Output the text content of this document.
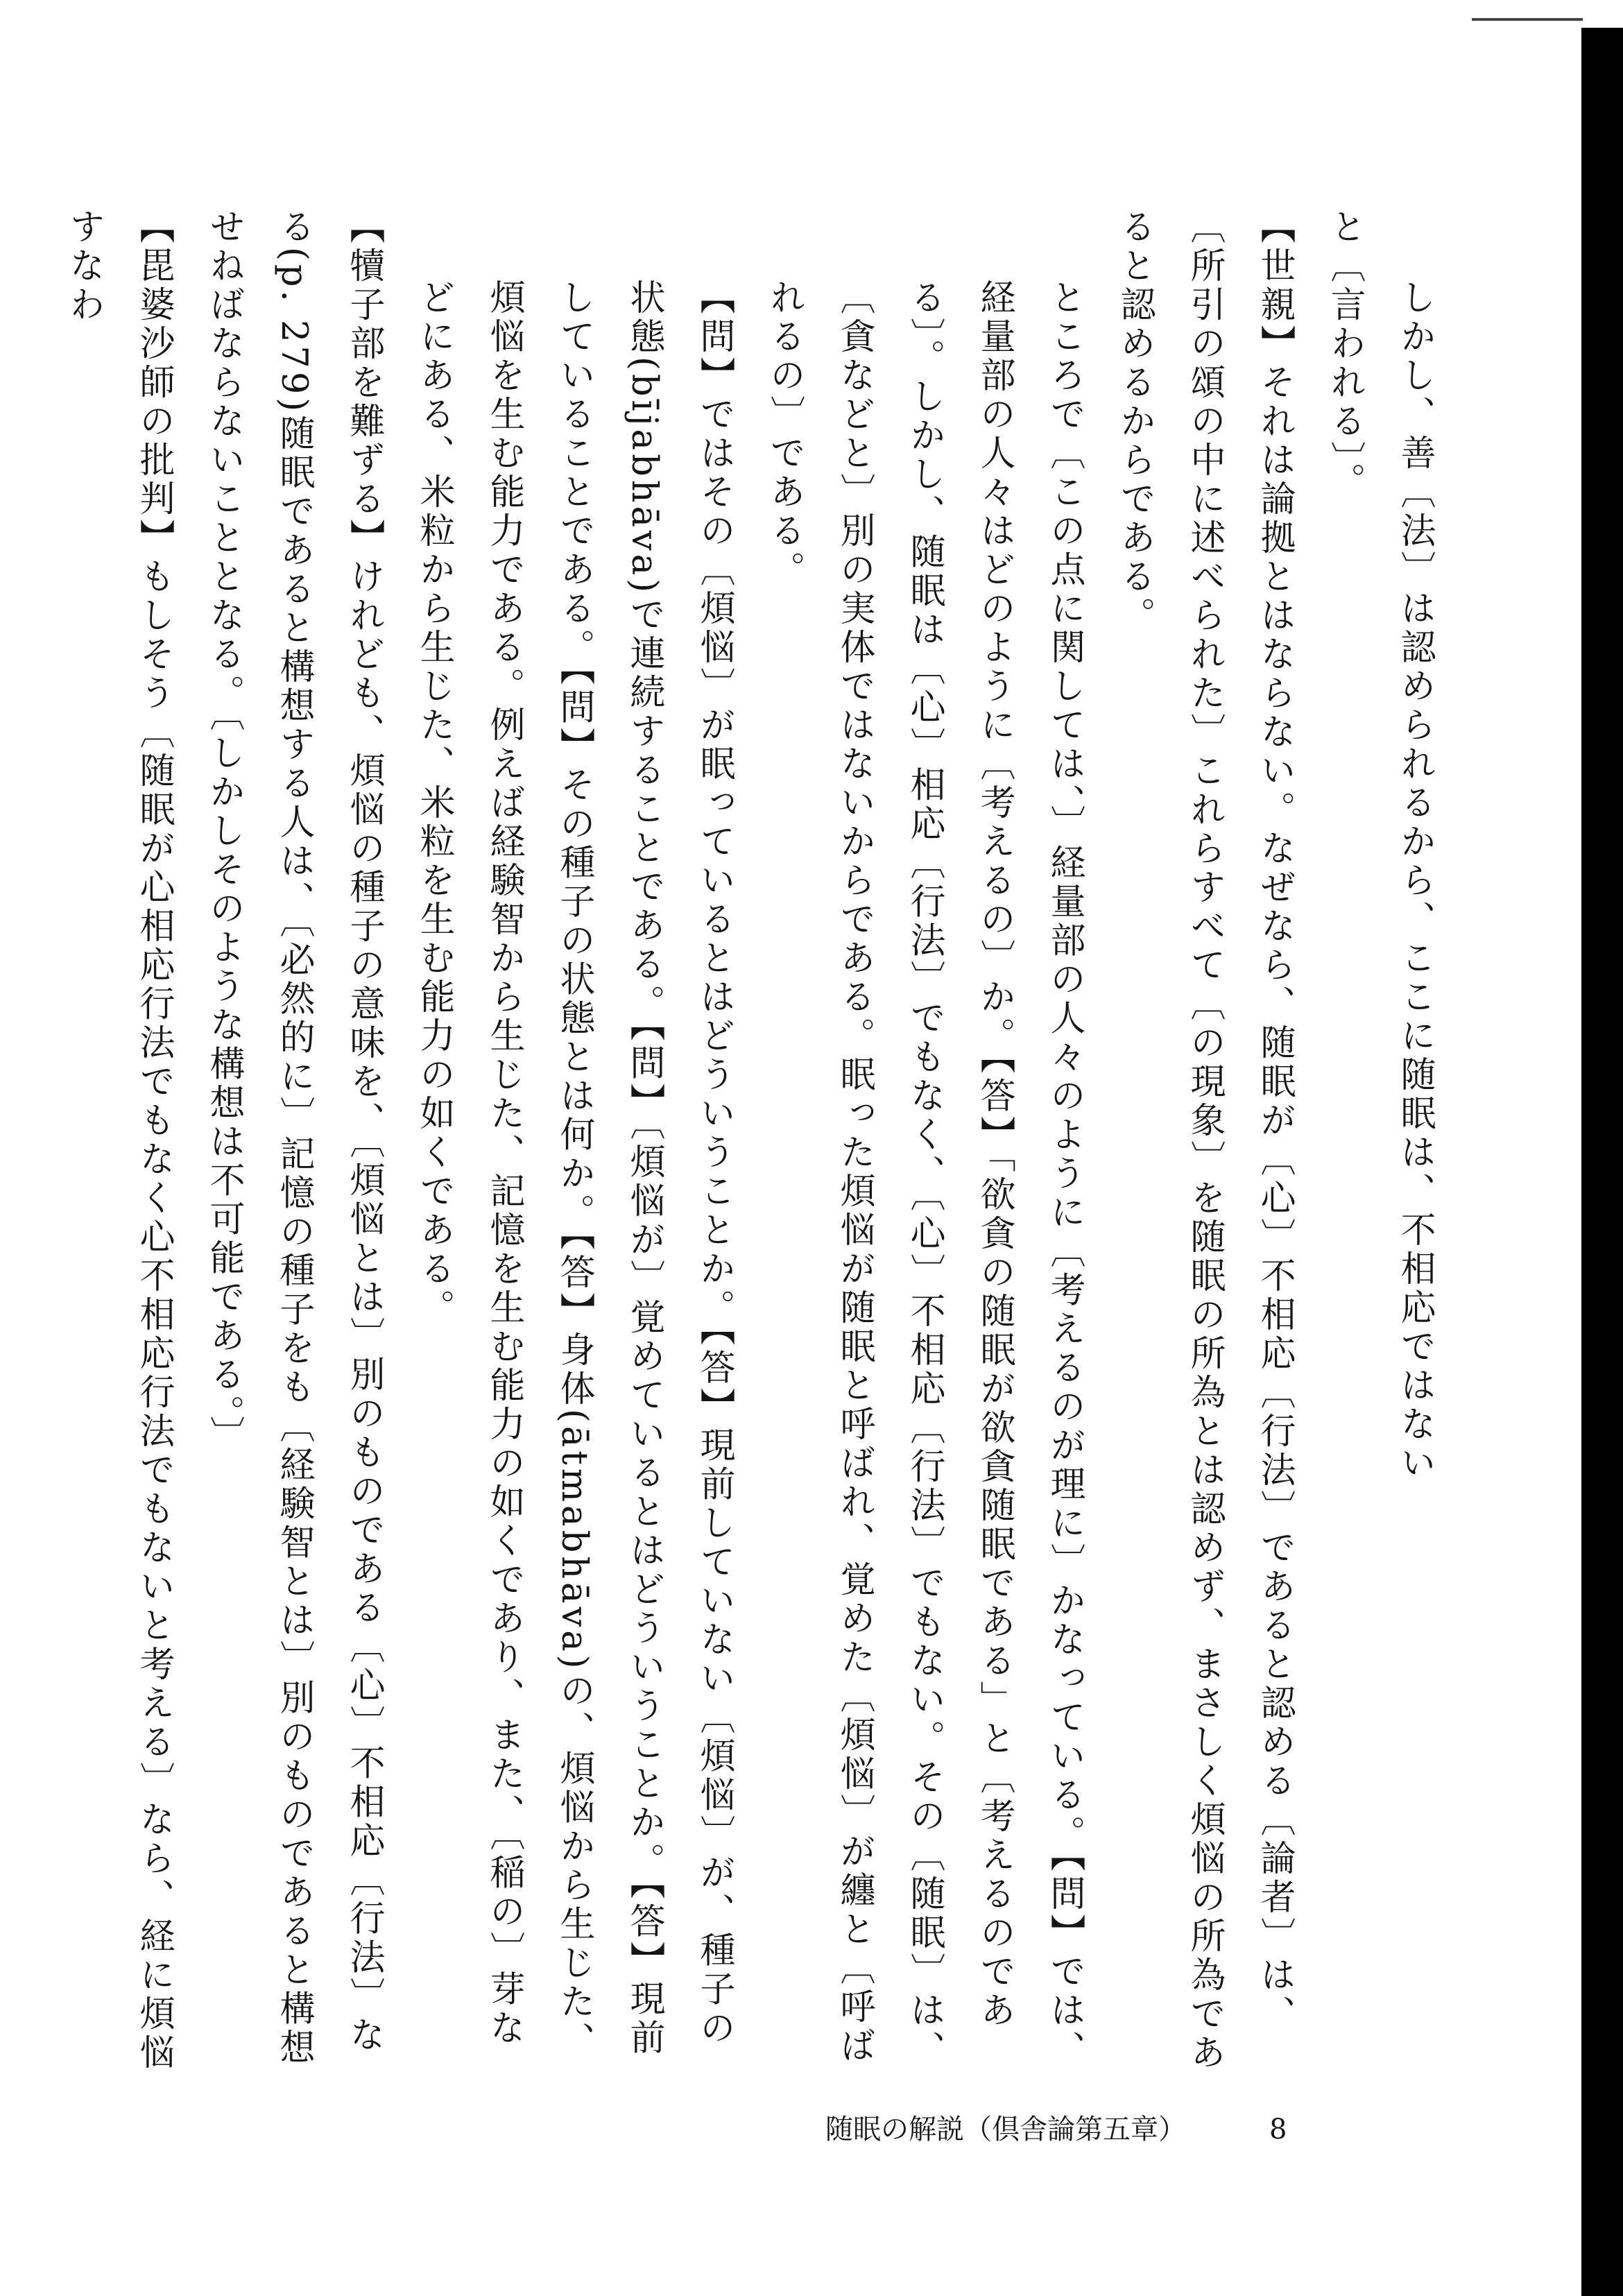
しかし、善〔法〕は認められるから、ここに随眠は、不相応ではない

と〔言われる〕。

【世親】それは論拠とはならない。なぜなら、随眠が〔心〕不相応〔行法〕であると認める〔論者〕は、〔所引の頌の中に述べられた〕これらすべて〔の現象〕を随眠の所為とは認めず、まさしく煩悩の所為であると認めるからである。

ところで〔この点に関しては、〕経量部の人々のように〔考えるのが理に〕かなっている。【問】では、経量部の人々はどのように〔考えるの〕か。【答】「欲貪の随眠が欲貪随眠である」と〔考えるのである〕。しかし、随眠は〔心〕相応〔行法〕でもなく、〔心〕不相応〔行法〕でもない。その〔随眠〕は、〔貪などと〕別の実体ではないからである。眠った煩悩が随眠と呼ばれ、覚めた〔煩悩〕が纏と〔呼ばれるの〕である。

【問】ではその〔煩悩〕が眠っているとはどういうことか。【答】現前していない〔煩悩〕が、種子の状態(bījabhāva)で連続することである。【問】〔煩悩が〕覚めているとはどういうことか。【答】現前していることである。【問】その種子の状態とは何か。【答】身体(ātmabhāva)の、煩悩から生じた、煩悩を生む能力である。例えば経験智から生じた、記憶を生む能力の如くであり、また、〔稲の〕芽などにある、米粒から生じた、米粒を生む能力の如くである。

【犢子部を難ずる】けれども、煩悩の種子の意味を、〔煩悩とは〕別のものである〔心〕不相応〔行法〕なる(p. 279)随眠であると構想する人は、〔必然的に〕記憶の種子をも〔経験智とは〕別のものであると構想せねばならないこととなる。〔しかしそのような構想は不可能である。〕

【毘婆沙師の批判】もしそう〔随眠が心相応行法でもなく心不相応行法でもないと考える〕なら、経に煩悩すなわ

随眠の解説（倶舎論第五章）	8
